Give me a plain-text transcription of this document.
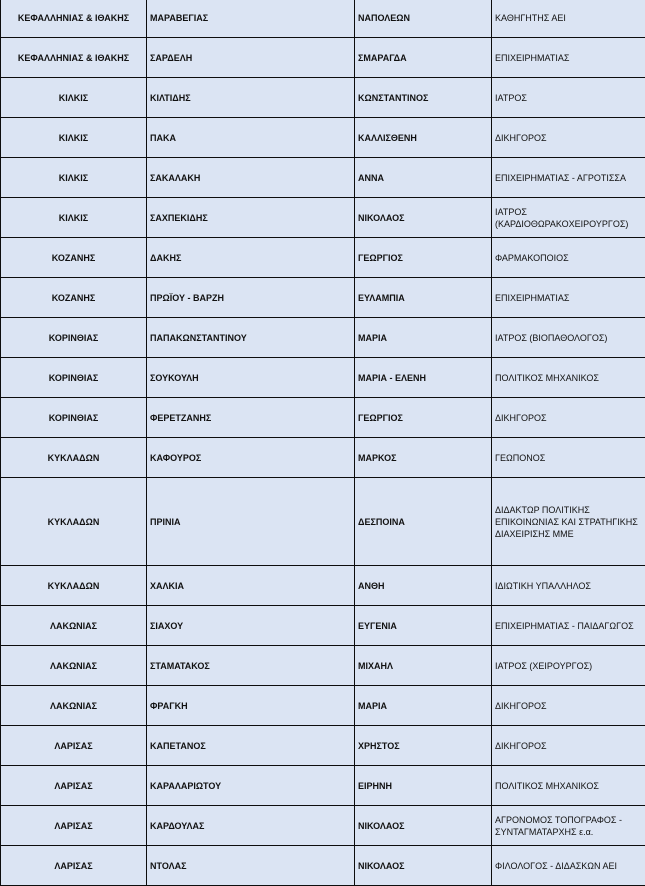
ΚΕΦΑΛΛΗΝΙΑΣ & ΙΘΑΚΗΣ	ΜΑΡΑΒΕΓΙΑΣ	ΝΑΠΟΛΕΩΝ	ΚΑΘΗΓΗΤΗΣ ΑΕΙ
ΚΕΦΑΛΛΗΝΙΑΣ & ΙΘΑΚΗΣ	ΣΑΡΔΕΛΗ	ΣΜΑΡΑΓΔΑ	ΕΠΙΧΕΙΡΗΜΑΤΙΑΣ
ΚΙΛΚΙΣ	ΚΙΛΤΙΔΗΣ	ΚΩΝΣΤΑΝΤΙΝΟΣ	ΙΑΤΡΟΣ
ΚΙΛΚΙΣ	ΠΑΚΑ	ΚΑΛΛΙΣΘΕΝΗ	ΔΙΚΗΓΟΡΟΣ
ΚΙΛΚΙΣ	ΣΑΚΑΛΑΚΗ	ΑΝΝΑ	ΕΠΙΧΕΙΡΗΜΑΤΙΑΣ - ΑΓΡΟΤΙΣΣΑ
ΚΙΛΚΙΣ	ΣΑΧΠΕΚΙΔΗΣ	ΝΙΚΟΛΑΟΣ	ΙΑΤΡΟΣ (ΚΑΡΔΙΟΘΩΡΑΚΟΧΕΙΡΟΥΡΓΟΣ)
ΚΟΖΑΝΗΣ	ΔΑΚΗΣ	ΓΕΩΡΓΙΟΣ	ΦΑΡΜΑΚΟΠΟΙΟΣ
ΚΟΖΑΝΗΣ	ΠΡΩΪΟΥ - ΒΑΡΖΗ	ΕΥΛΑΜΠΙΑ	ΕΠΙΧΕΙΡΗΜΑΤΙΑΣ
ΚΟΡΙΝΘΙΑΣ	ΠΑΠΑΚΩΝΣΤΑΝΤΙΝΟΥ	ΜΑΡΙΑ	ΙΑΤΡΟΣ (ΒΙΟΠΑΘΟΛΟΓΟΣ)
ΚΟΡΙΝΘΙΑΣ	ΣΟΥΚΟΥΛΗ	ΜΑΡΙΑ - ΕΛΕΝΗ	ΠΟΛΙΤΙΚΟΣ ΜΗΧΑΝΙΚΟΣ
ΚΟΡΙΝΘΙΑΣ	ΦΕΡΕΤΖΑΝΗΣ	ΓΕΩΡΓΙΟΣ	ΔΙΚΗΓΟΡΟΣ
ΚΥΚΛΑΔΩΝ	ΚΑΦΟΥΡΟΣ	ΜΑΡΚΟΣ	ΓΕΩΠΟΝΟΣ
ΚΥΚΛΑΔΩΝ	ΠΡΙΝΙΑ	ΔΕΣΠΟΙΝΑ	ΔΙΔΑΚΤΩΡ ΠΟΛΙΤΙΚΗΣ ΕΠΙΚΟΙΝΩΝΙΑΣ ΚΑΙ ΣΤΡΑΤΗΓΙΚΗΣ ΔΙΑΧΕΙΡΙΣΗΣ ΜΜΕ
ΚΥΚΛΑΔΩΝ	ΧΑΛΚΙΑ	ΑΝΘΗ	ΙΔΙΩΤΙΚΗ ΥΠΑΛΛΗΛΟΣ
ΛΑΚΩΝΙΑΣ	ΣΙΑΧΟΥ	ΕΥΓΕΝΙΑ	ΕΠΙΧΕΙΡΗΜΑΤΙΑΣ - ΠΑΙΔΑΓΩΓΟΣ
ΛΑΚΩΝΙΑΣ	ΣΤΑΜΑΤΑΚΟΣ	ΜΙΧΑΗΛ	ΙΑΤΡΟΣ (ΧΕΙΡΟΥΡΓΟΣ)
ΛΑΚΩΝΙΑΣ	ΦΡΑΓΚΗ	ΜΑΡΙΑ	ΔΙΚΗΓΟΡΟΣ
ΛΑΡΙΣΑΣ	ΚΑΠΕΤΑΝΟΣ	ΧΡΗΣΤΟΣ	ΔΙΚΗΓΟΡΟΣ
ΛΑΡΙΣΑΣ	ΚΑΡΑΛΑΡΙΩΤΟΥ	ΕΙΡΗΝΗ	ΠΟΛΙΤΙΚΟΣ ΜΗΧΑΝΙΚΟΣ
ΛΑΡΙΣΑΣ	ΚΑΡΔΟΥΛΑΣ	ΝΙΚΟΛΑΟΣ	ΑΓΡΟΝΟΜΟΣ ΤΟΠΟΓΡΑΦΟΣ - ΣΥΝΤΑΓΜΑΤΑΡΧΗΣ ε.α.
ΛΑΡΙΣΑΣ	ΝΤΟΛΑΣ	ΝΙΚΟΛΑΟΣ	ΦΙΛΟΛΟΓΟΣ - ΔΙΔΑΣΚΩΝ ΑΕΙ
